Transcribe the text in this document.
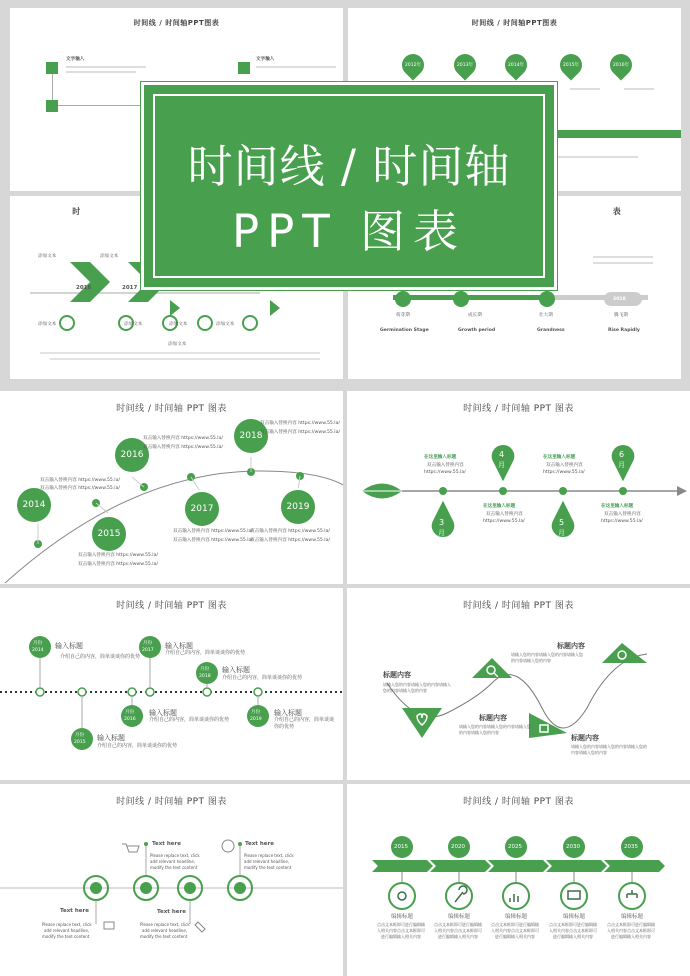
时间线 / 时间轴PPT图表
文字输入	文字输入
时间线 / 时间轴PPT图表
2012年	2013年	2014年	2015年	2016年
时
添加文本	添加文本
添加文本	添加文本	添加文本	添加文本
2016	2017
添加文本
表
2018
萌芽期	成长期	壮大期	腾飞期
Germination Stage	Growth period	Grandness	Rise Rapidly
时间线 / 时间轴
PPT 图表
时间线 / 时间轴 PPT 图表
2014
2015
2016
2017
2018
2019
双击输入替换内容 https://www.55.la/
双击输入替换内容 https://www.55.la/
双击输入替换内容 https://www.55.la/
双击输入替换内容 https://www.55.la/
双击输入替换内容 https://www.55.la/
双击输入替换内容 https://www.55.la/
双击输入替换内容 https://www.55.la/
双击输入替换内容 https://www.55.la/
双击输入替换内容 https://www.55.la/
双击输入替换内容 https://www.55.la/
双击输入替换内容 https://www.55.la/
双击输入替换内容 https://www.55.la/
时间线 / 时间轴 PPT 图表
4
月
6
月
3
月
5
月
在这里输入标题
双击输入替换内容
https://www.55.la/
在这里输入标题
双击输入替换内容
https://www.55.la/
在这里输入标题
双击输入替换内容
https://www.55.la/
在这里输入标题
双击输入替换内容
https://www.55.la/
时间线 / 时间轴 PPT 图表
月份
2014
月份
2015
月份
2016
月份
2017
月份
2018
月份
2019
输入标题
介绍自己的内容，简单谈谈你的优势
输入标题
介绍自己的内容，简单谈谈你的优势
输入标题
介绍自己的内容，简单谈谈你的优势
输入标题
介绍自己的内容，简单谈谈你的优势
输入标题
介绍自己的内容，简单谈谈你的优势
输入标题
介绍自己的内容，简单谈谈你的优势
时间线 / 时间轴 PPT 图表
标题内容
请输入您的内容请输入您的内容请输入您的内容请输入您的内容
标题内容
请输入您的内容请输入您的内容请输入您的内容请输入您的内容
标题内容
请输入您的内容请输入您的内容请输入您的内容请输入您的内容
标题内容
请输入您的内容请输入您的内容请输入您的内容请输入您的内容
时间线 / 时间轴 PPT 图表
Text here
Please replace text, click
add relevant headline,
modify the text content
Text here
Please replace text, click
add relevant headline,
modify the text content
Text here
Please replace text, click
add relevant headline,
modify the text content
Text here
Please replace text, click
add relevant headline,
modify the text content
时间线 / 时间轴 PPT 图表
2015	2020	2025	2030	2035
编辑标题
点击文本框即可进行编辑输
入相关内容点击文本框即可
进行编辑输入相关内容
编辑标题
点击文本框即可进行编辑输
入相关内容点击文本框即可
进行编辑输入相关内容
编辑标题
点击文本框即可进行编辑输
入相关内容点击文本框即可
进行编辑输入相关内容
编辑标题
点击文本框即可进行编辑输
入相关内容点击文本框即可
进行编辑输入相关内容
编辑标题
点击文本框即可进行编辑输
入相关内容点击文本框即可
进行编辑输入相关内容
